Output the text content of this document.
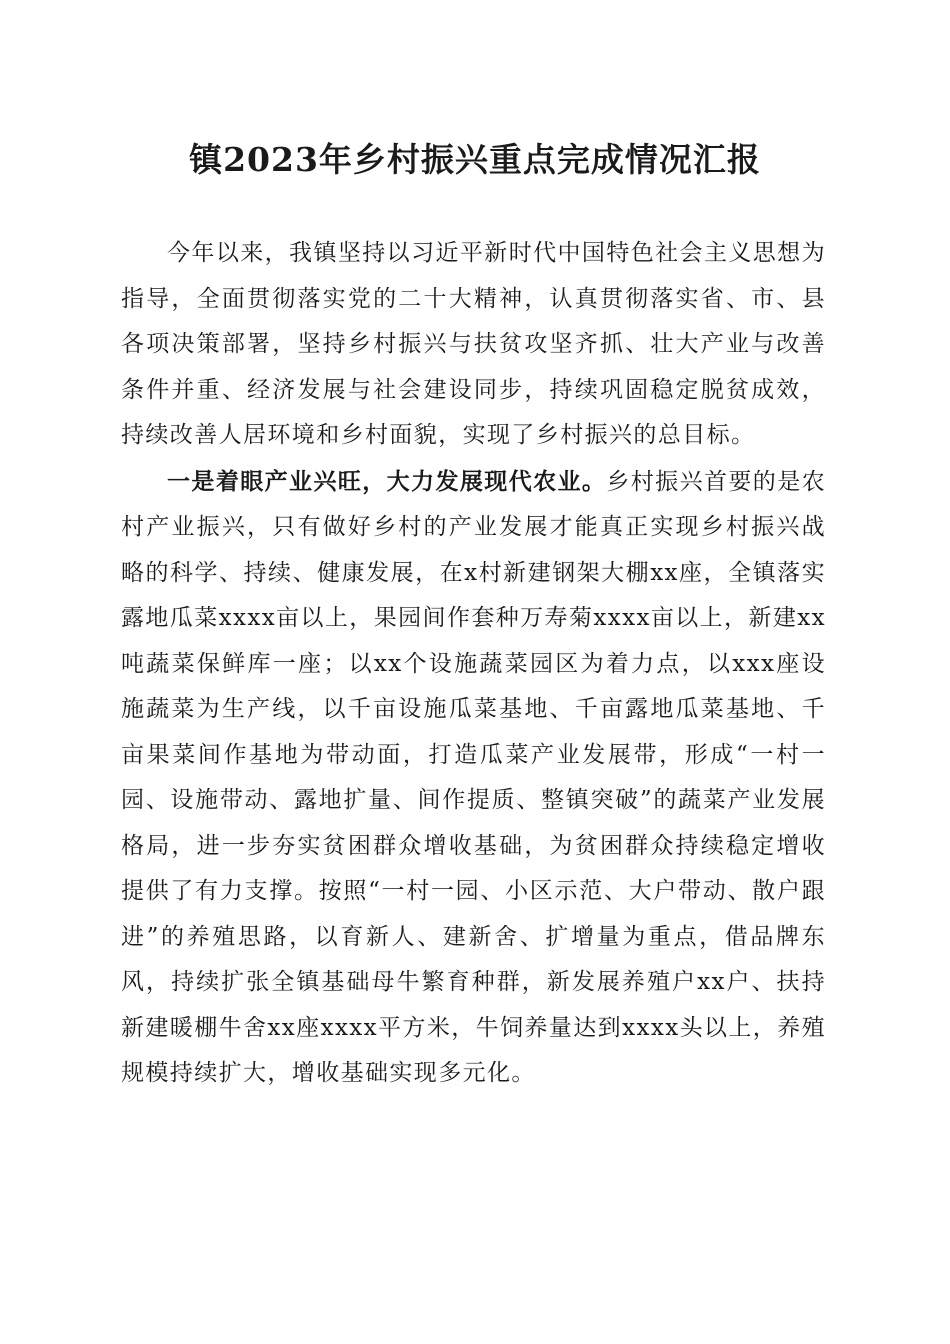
镇2023年乡村振兴重点完成情况汇报

今年以来，我镇坚持以习近平新时代中国特色社会主义思想为指导，全面贯彻落实党的二十大精神，认真贯彻落实省、市、县各项决策部署，坚持乡村振兴与扶贫攻坚齐抓、壮大产业与改善条件并重、经济发展与社会建设同步，持续巩固稳定脱贫成效，持续改善人居环境和乡村面貌，实现了乡村振兴的总目标。

一是着眼产业兴旺，大力发展现代农业。乡村振兴首要的是农村产业振兴，只有做好乡村的产业发展才能真正实现乡村振兴战略的科学、持续、健康发展，在x村新建钢架大棚xx座，全镇落实露地瓜菜xxxx亩以上，果园间作套种万寿菊xxxx亩以上，新建xx吨蔬菜保鲜库一座；以xx个设施蔬菜园区为着力点，以xxx座设施蔬菜为生产线，以千亩设施瓜菜基地、千亩露地瓜菜基地、千亩果菜间作基地为带动面，打造瓜菜产业发展带，形成“一村一园、设施带动、露地扩量、间作提质、整镇突破”的蔬菜产业发展格局，进一步夯实贫困群众增收基础，为贫困群众持续稳定增收提供了有力支撑。按照“一村一园、小区示范、大户带动、散户跟进”的养殖思路，以育新人、建新舍、扩增量为重点，借品牌东风，持续扩张全镇基础母牛繁育种群，新发展养殖户xx户、扶持新建暖棚牛舍xx座xxxx平方米，牛饲养量达到xxxx头以上，养殖规模持续扩大，增收基础实现多元化。
